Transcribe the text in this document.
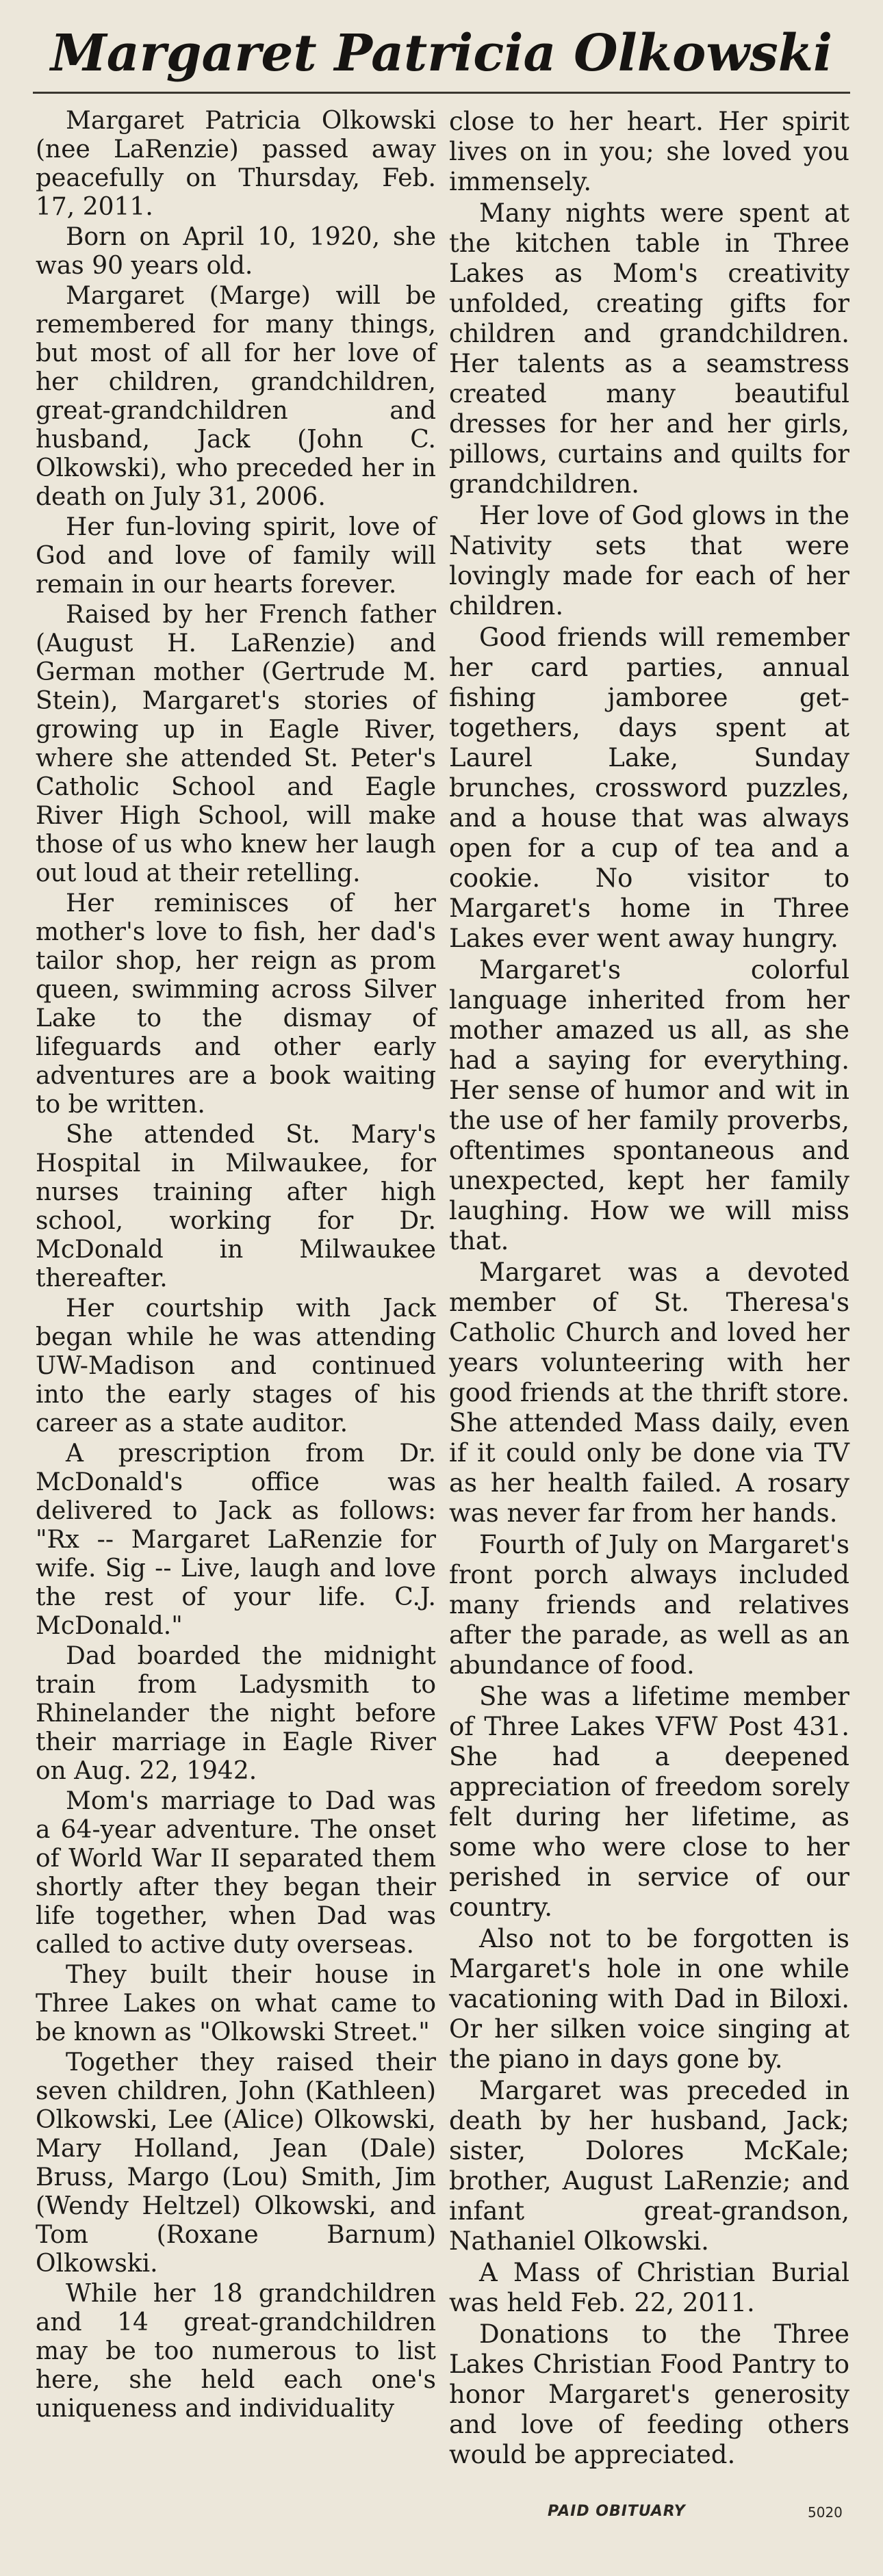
Margaret Patricia Olkowski

Margaret Patricia Olkowski (nee LaRenzie) passed away peacefully on Thursday, Feb. 17, 2011.

Born on April 10, 1920, she was 90 years old.

Margaret (Marge) will be remembered for many things, but most of all for her love of her children, grandchildren, great-grandchildren and husband, Jack (John C. Olkowski), who preceded her in death on July 31, 2006.

Her fun-loving spirit, love of God and love of family will remain in our hearts forever.

Raised by her French father (August H. LaRenzie) and German mother (Gertrude M. Stein), Margaret's stories of growing up in Eagle River, where she attended St. Peter's Catholic School and Eagle River High School, will make those of us who knew her laugh out loud at their retelling.

Her reminisces of her mother's love to fish, her dad's tailor shop, her reign as prom queen, swimming across Silver Lake to the dismay of lifeguards and other early adventures are a book waiting to be written.

She attended St. Mary's Hospital in Milwaukee, for nurses training after high school, working for Dr. McDonald in Milwaukee thereafter.

Her courtship with Jack began while he was attending UW-Madison and continued into the early stages of his career as a state auditor.

A prescription from Dr. McDonald's office was delivered to Jack as follows: "Rx -- Margaret LaRenzie for wife. Sig -- Live, laugh and love the rest of your life. C.J. McDonald."

Dad boarded the midnight train from Ladysmith to Rhinelander the night before their marriage in Eagle River on Aug. 22, 1942.

Mom's marriage to Dad was a 64-year adventure. The onset of World War II separated them shortly after they began their life together, when Dad was called to active duty overseas.

They built their house in Three Lakes on what came to be known as "Olkowski Street."

Together they raised their seven children, John (Kathleen) Olkowski, Lee (Alice) Olkowski, Mary Holland, Jean (Dale) Bruss, Margo (Lou) Smith, Jim (Wendy Heltzel) Olkowski, and Tom (Roxane Barnum) Olkowski.

While her 18 grandchildren and 14 great-grandchildren may be too numerous to list here, she held each one's uniqueness and individuality

close to her heart. Her spirit lives on in you; she loved you immensely.

Many nights were spent at the kitchen table in Three Lakes as Mom's creativity unfolded, creating gifts for children and grandchildren. Her talents as a seamstress created many beautiful dresses for her and her girls, pillows, curtains and quilts for grandchildren.

Her love of God glows in the Nativity sets that were lovingly made for each of her children.

Good friends will remember her card parties, annual fishing jamboree get-togethers, days spent at Laurel Lake, Sunday brunches, crossword puzzles, and a house that was always open for a cup of tea and a cookie. No visitor to Margaret's home in Three Lakes ever went away hungry.

Margaret's colorful language inherited from her mother amazed us all, as she had a saying for everything. Her sense of humor and wit in the use of her family proverbs, oftentimes spontaneous and unexpected, kept her family laughing. How we will miss that.

Margaret was a devoted member of St. Theresa's Catholic Church and loved her years volunteering with her good friends at the thrift store. She attended Mass daily, even if it could only be done via TV as her health failed. A rosary was never far from her hands.

Fourth of July on Margaret's front porch always included many friends and relatives after the parade, as well as an abundance of food.

She was a lifetime member of Three Lakes VFW Post 431. She had a deepened appreciation of freedom sorely felt during her lifetime, as some who were close to her perished in service of our country.

Also not to be forgotten is Margaret's hole in one while vacationing with Dad in Biloxi. Or her silken voice singing at the piano in days gone by.

Margaret was preceded in death by her husband, Jack; sister, Dolores McKale; brother, August LaRenzie; and infant great-grandson, Nathaniel Olkowski.

A Mass of Christian Burial was held Feb. 22, 2011.

Donations to the Three Lakes Christian Food Pantry to honor Margaret's generosity and love of feeding others would be appreciated.

PAID OBITUARY	5020
